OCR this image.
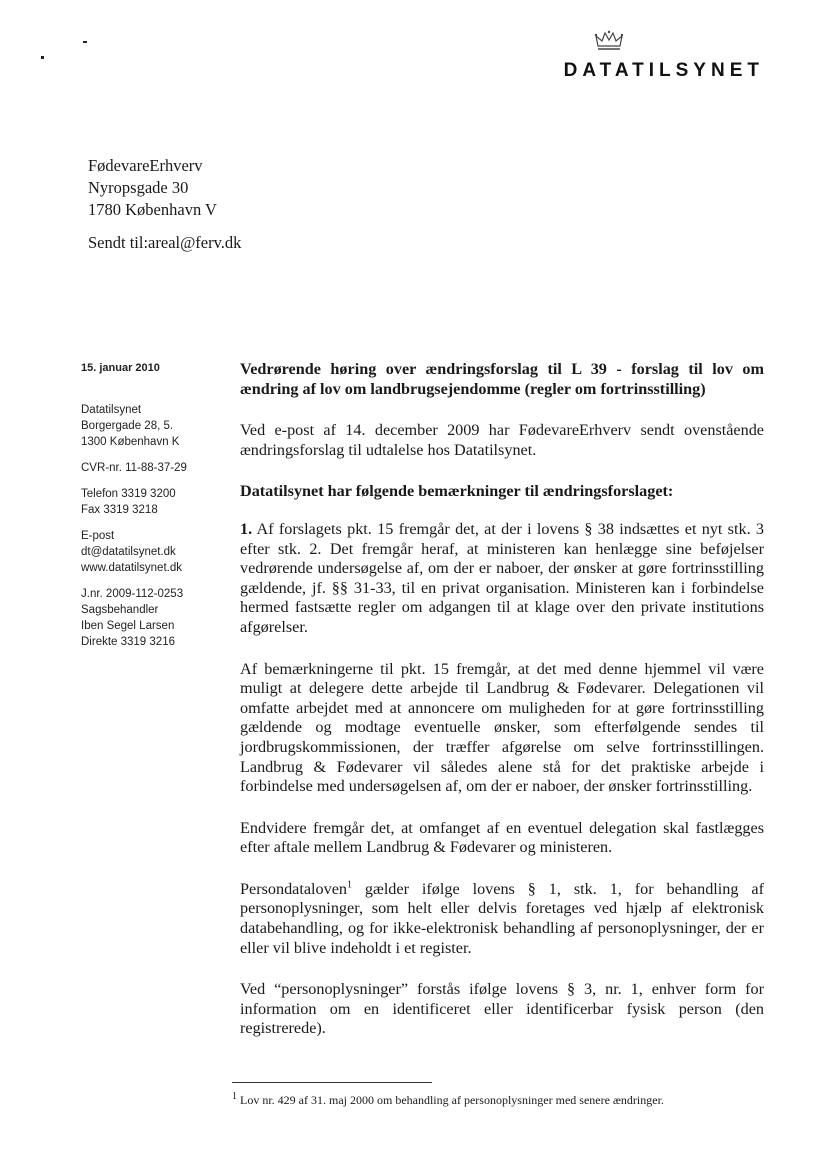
DATATILSYNET
FødevareErhverv
Nyropsgade 30
1780 København V
Sendt til:areal@ferv.dk
15. januar 2010
Datatilsynet
Borgergade 28, 5.
1300 København K
CVR-nr. 11-88-37-29
Telefon 3319 3200
Fax 3319 3218
E-post
dt@datatilsynet.dk
www.datatilsynet.dk
J.nr. 2009-112-0253
Sagsbehandler
Iben Segel Larsen
Direkte 3319 3216

Vedrørende høring over ændringsforslag til L 39 - forslag til lov om ændring af lov om landbrugsejendomme (regler om fortrinsstilling)

Ved e-post af 14. december 2009 har FødevareErhverv sendt ovenstående ændringsforslag til udtalelse hos Datatilsynet.

Datatilsynet har følgende bemærkninger til ændringsforslaget:

1. Af forslagets pkt. 15 fremgår det, at der i lovens § 38 indsættes et nyt stk. 3 efter stk. 2. Det fremgår heraf, at ministeren kan henlægge sine beføjelser vedrørende undersøgelse af, om der er naboer, der ønsker at gøre fortrinsstilling gældende, jf. §§ 31-33, til en privat organisation. Ministeren kan i forbindelse hermed fastsætte regler om adgangen til at klage over den private institutions afgørelser.

Af bemærkningerne til pkt. 15 fremgår, at det med denne hjemmel vil være muligt at delegere dette arbejde til Landbrug & Fødevarer. Delegationen vil omfatte arbejdet med at annoncere om muligheden for at gøre fortrinsstilling gældende og modtage eventuelle ønsker, som efterfølgende sendes til jordbrugskommissionen, der træffer afgørelse om selve fortrinsstillingen. Landbrug & Fødevarer vil således alene stå for det praktiske arbejde i forbindelse med undersøgelsen af, om der er naboer, der ønsker fortrinsstilling.

Endvidere fremgår det, at omfanget af en eventuel delegation skal fastlægges efter aftale mellem Landbrug & Fødevarer og ministeren.

Persondataloven$^1$ gælder ifølge lovens § 1, stk. 1, for behandling af personoplysninger, som helt eller delvis foretages ved hjælp af elektronisk databehandling, og for ikke-elektronisk behandling af personoplysninger, der er eller vil blive indeholdt i et register.

Ved “personoplysninger” forstås ifølge lovens § 3, nr. 1, enhver form for information om en identificeret eller identificerbar fysisk person (den registrerede).

$^1$ Lov nr. 429 af 31. maj 2000 om behandling af personoplysninger med senere ændringer.
